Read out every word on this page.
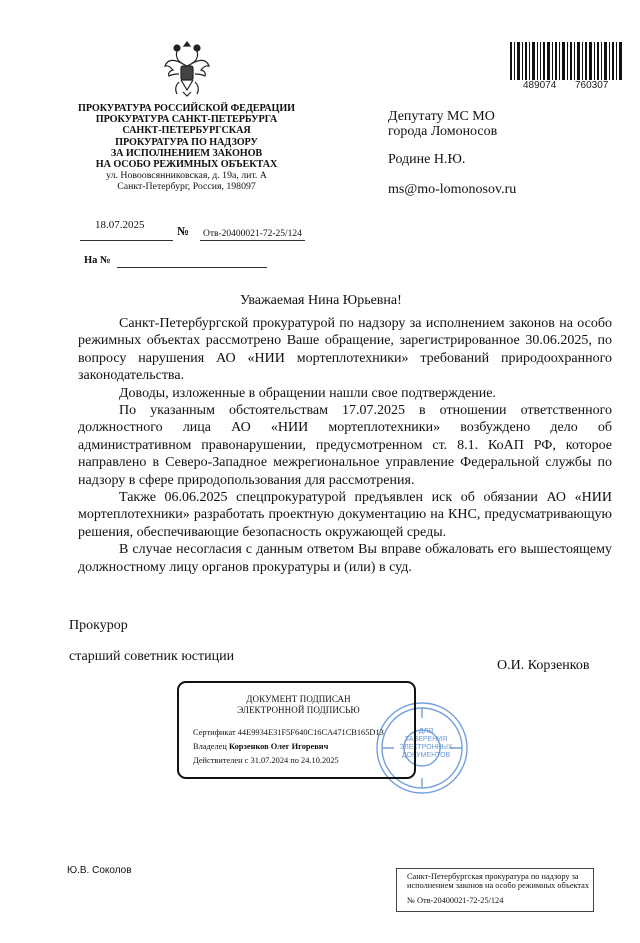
489074 760307
ПРОКУРАТУРА РОССИЙСКОЙ ФЕДЕРАЦИИ
ПРОКУРАТУРА САНКТ-ПЕТЕРБУРГА
САНКТ-ПЕТЕРБУРГСКАЯ
ПРОКУРАТУРА ПО НАДЗОРУ
ЗА ИСПОЛНЕНИЕМ ЗАКОНОВ
НА ОСОБО РЕЖИМНЫХ ОБЪЕКТАХ
ул. Новоовсянниковская, д. 19а, лит. А
Санкт-Петербург, Россия, 198097
Депутату МС МО
города Ломоносов
Родине Н.Ю.
ms@mo-lomonosov.ru
18.07.2025	№ Отв-20400021-72-25/124
На №
Уважаемая Нина Юрьевна!

Санкт-Петербургской прокуратурой по надзору за исполнением законов на особо режимных объектах рассмотрено Ваше обращение, зарегистрированное 30.06.2025, по вопросу нарушения АО «НИИ мортеплотехники» требований природоохранного законодательства.

Доводы, изложенные в обращении нашли свое подтверждение.

По указанным обстоятельствам 17.07.2025 в отношении ответственного должностного лица АО «НИИ мортеплотехники» возбуждено дело об административном правонарушении, предусмотренном ст. 8.1. КоАП РФ, которое направлено в Северо-Западное межрегиональное управление Федеральной службы по надзору в сфере природопользования для рассмотрения.

Также 06.06.2025 спецпрокуратурой предъявлен иск об обязании АО «НИИ мортеплотехники» разработать проектную документацию на КНС, предусматривающую решения, обеспечивающие безопасность окружающей среды.

В случае несогласия с данным ответом Вы вправе обжаловать его вышестоящему должностному лицу органов прокуратуры и (или) в суд.

Прокурор
старший советник юстиции
О.И. Корзенков
ДЛЯ
ЗАВЕРЕНИЯ
ЭЛЕКТРОННЫХ
ДОКУМЕНТОВ
ДОКУМЕНТ ПОДПИСАН
ЭЛЕКТРОННОЙ ПОДПИСЬЮ
Сертификат 44E9934E31F5F640C16CA471CB165D13
Владелец Корзенков Олег Игоревич
Действителен с 31.07.2024 по 24.10.2025
Ю.В. Соколов
Санкт-Петербургская прокуратура по надзору за
исполнением законов на особо режимных объектах
№ Отв-20400021-72-25/124
